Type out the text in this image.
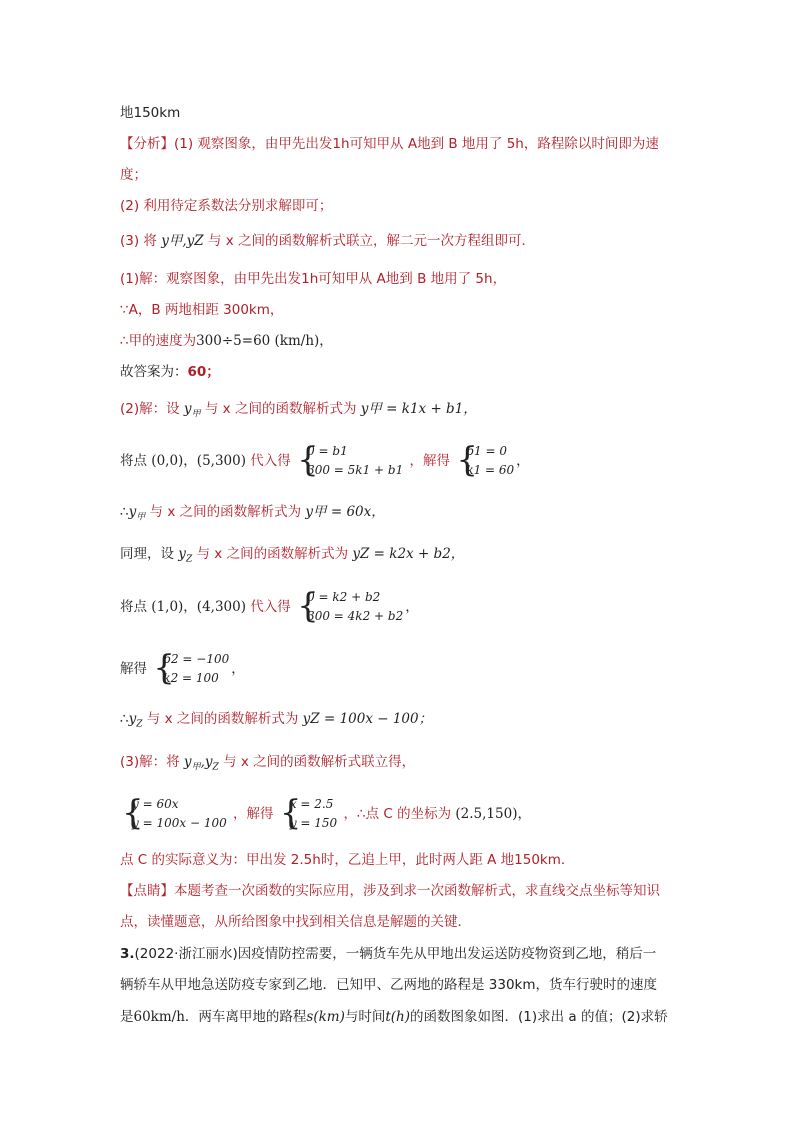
地150km
【分析】(1) 观察图象，由甲先出发1h可知甲从 A地到 B 地用了 5h，路程除以时间即为速
度；
(2) 利用待定系数法分别求解即可；
(3) 将 y甲,yZ 与 x 之间的函数解析式联立，解二元一次方程组即可．
(1)解：观察图象，由甲先出发1h可知甲从 A地到 B 地用了 5h，
∵A，B 两地相距 300km，
∴甲的速度为300÷5=60 (km/h)，
故答案为：60；
(2)解：设 $y_甲$ 与 x 之间的函数解析式为 y甲 = k1x + b1，
将点 (0,0)，(5,300) 代入得 {
0 = b1
300 = 5k1 + b1
，解得 {
b1 = 0
k1 = 60
，
$\therefore y_甲$ 与 x 之间的函数解析式为 y甲 = 60x，
同理，设 $y_Z$ 与 x 之间的函数解析式为 yZ = k2x + b2，
将点 (1,0)，(4,300) 代入得 {
0 = k2 + b2
300 = 4k2 + b2
，
解得 {
b2 = −100
k2 = 100
，
$\therefore y_Z$ 与 x 之间的函数解析式为 yZ = 100x − 100；
(3)解：将 $y_甲,y_Z$ 与 x 之间的函数解析式联立得，
{
y = 60x
y = 100x − 100
，解得 {
x = 2.5
y = 150
，∴点 C 的坐标为 (2.5,150)，
点 C 的实际意义为：甲出发 2.5h时，乙追上甲，此时两人距 A 地150km．
【点睛】本题考查一次函数的实际应用，涉及到求一次函数解析式，求直线交点坐标等知识
点，读懂题意，从所给图象中找到相关信息是解题的关键．
3.(2022·浙江丽水)因疫情防控需要，一辆货车先从甲地出发运送防疫物资到乙地，稍后一
辆轿车从甲地急送防疫专家到乙地．已知甲、乙两地的路程是 330km，货车行驶时的速度
是60km/h．两车离甲地的路程s(km)与时间t(h)的函数图象如图．(1)求出 a 的值；(2)求轿
